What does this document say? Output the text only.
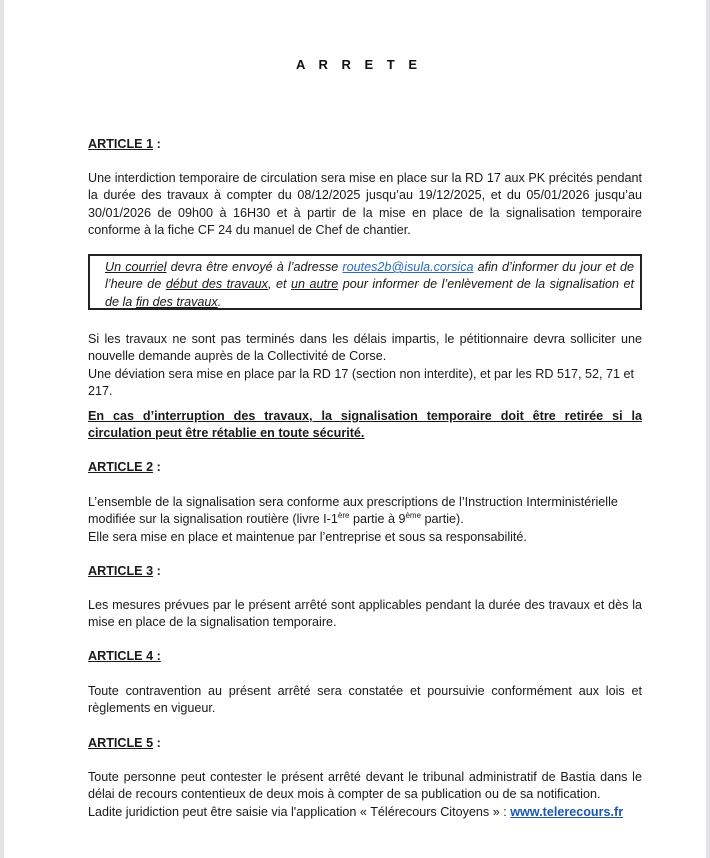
A R R E T E
ARTICLE 1 :
Une interdiction temporaire de circulation sera mise en place sur la RD 17 aux PK précités pendant la durée des travaux à compter du 08/12/2025 jusqu’au 19/12/2025, et du 05/01/2026 jusqu’au 30/01/2026 de 09h00 à 16H30 et à partir de la mise en place de la signalisation temporaire conforme à la fiche CF 24 du manuel de Chef de chantier.
Un courriel devra être envoyé à l’adresse routes2b@isula.corsica afin d’informer du jour et de l’heure de début des travaux, et un autre pour informer de l’enlèvement de la signalisation et de la fin des travaux.

Si les travaux ne sont pas terminés dans les délais impartis, le pétitionnaire devra solliciter une nouvelle demande auprès de la Collectivité de Corse.

Une déviation sera mise en place par la RD 17 (section non interdite), et par les RD 517, 52, 71 et 217.

En cas d’interruption des travaux, la signalisation temporaire doit être retirée si la circulation peut être rétablie en toute sécurité.
ARTICLE 2 :

L’ensemble de la signalisation sera conforme aux prescriptions de l’Instruction Interministérielle

modifiée sur la signalisation routière (livre I-1ère partie à 9ème partie).

Elle sera mise en place et maintenue par l’entreprise et sous sa responsabilité.

ARTICLE 3 :
Les mesures prévues par le présent arrêté sont applicables pendant la durée des travaux et dès la mise en place de la signalisation temporaire.
ARTICLE 4 :
Toute contravention au présent arrêté sera constatée et poursuivie conformément aux lois et règlements en vigueur.
ARTICLE 5 :

Toute personne peut contester le présent arrêté devant le tribunal administratif de Bastia dans le délai de recours contentieux de deux mois à compter de sa publication ou de sa notification.

Ladite juridiction peut être saisie via l'application « Télérecours Citoyens » : www.telerecours.fr
